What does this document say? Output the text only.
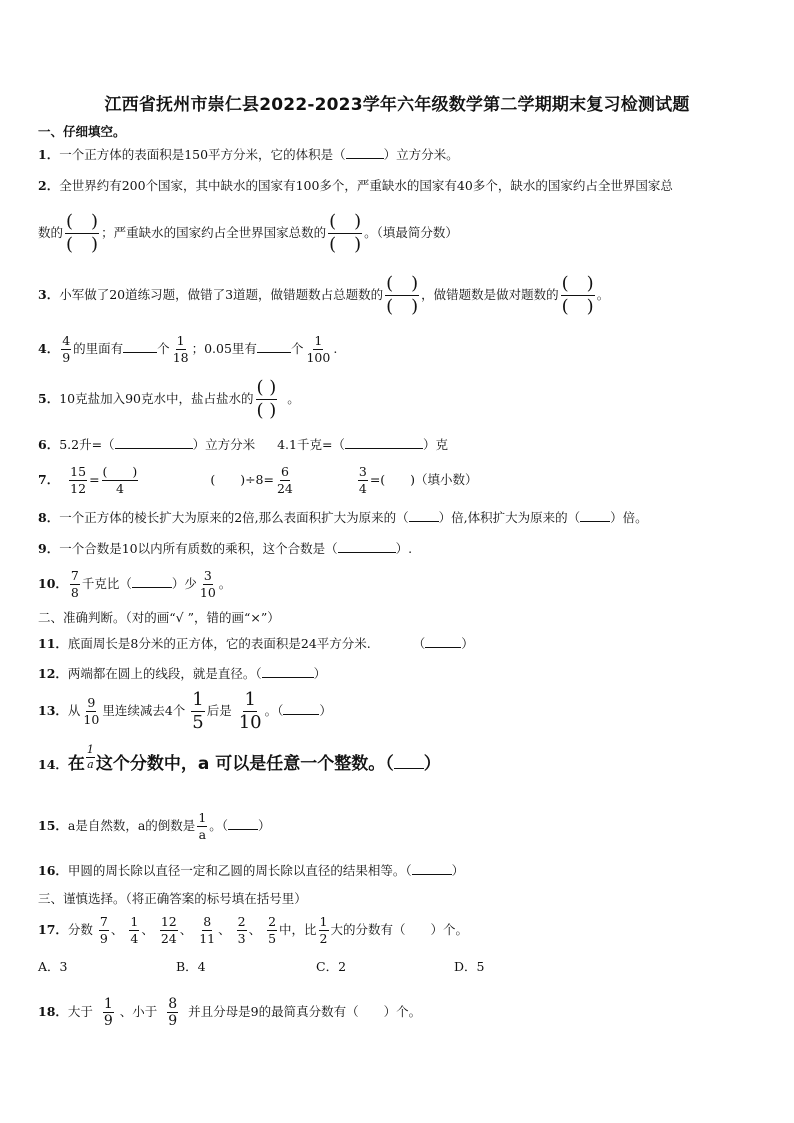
江西省抚州市崇仁县2022-2023学年六年级数学第二学期期末复习检测试题
一、仔细填空。
1．一个正方体的表面积是150平方分米，它的体积是（	）立方分米。
2．全世界约有200个国家，其中缺水的国家有100多个，严重缺水的国家有40多个，缺水的国家约占全世界国家总
数的 $\frac{( )}{( )}$ ；严重缺水的国家约占全世界国家总数的 $\frac{( )}{( )}$ 。（填最简分数）
3．小军做了20道练习题，做错了3道题，做错题数占总题数的 $\frac{( )}{( )}$ ，做错题数是做对题数的 $\frac{( )}{( )}$ 。
4． $\frac{4}{9}$ 的里面有	个 $\frac{1}{18}$ ；0.05里有	个 $\frac{1}{100}$ .
5．10克盐加入90克水中，盐占盐水的 $\frac{( )}{( )}$ 。
6．5.2升=（	）立方分米 4.1千克=（	）克
7． $\frac{15}{12} = \frac{( )}{4}$	(　　)$\div 8= \frac{6}{24}$	$\frac{3}{4}$ =(　　)（填小数）
8．一个正方体的棱长扩大为原来的2倍,那么表面积扩大为原来的（ ）倍,体积扩大为原来的（ ）倍。
9．一个合数是10以内所有质数的乘积，这个合数是（	）.
10． $\frac{7}{8}$ 千克比（	）少 $\frac{3}{10}$ 。
二、准确判断。（对的画“√ ”，错的画“×”）
11．底面周长是8分米的正方体，它的表面积是24平方分米.	（	）
12．两端都在圆上的线段，就是直径。（	）
13．从 $\frac{9}{10}$ 里连续减去4个 $\frac{1}{5}$ 后是 $\frac{1}{10}$ 。（	）
14．在 $\frac{1}{a}$ 这个分数中，a 可以是任意一个整数。（ ）
15．a是自然数，a的倒数是 $\frac{1}{a}$ 。（ ）
16．甲圆的周长除以直径一定和乙圆的周长除以直径的结果相等。（	）
三、谨慎选择。（将正确答案的标号填在括号里）
17．分数 $\frac{7}{9}$ 、 $\frac{1}{4}$ 、 $\frac{12}{24}$ 、 $\frac{8}{11}$ 、 $\frac{2}{3}$ 、 $\frac{2}{5}$ 中，比 $\frac{1}{2}$ 大的分数有（　　）个。
A．3	B．4	C．2	D．5
18．大于 $\frac{1}{9}$ 、小于 $\frac{8}{9}$ 并且分母是9的最简真分数有（　　）个。
